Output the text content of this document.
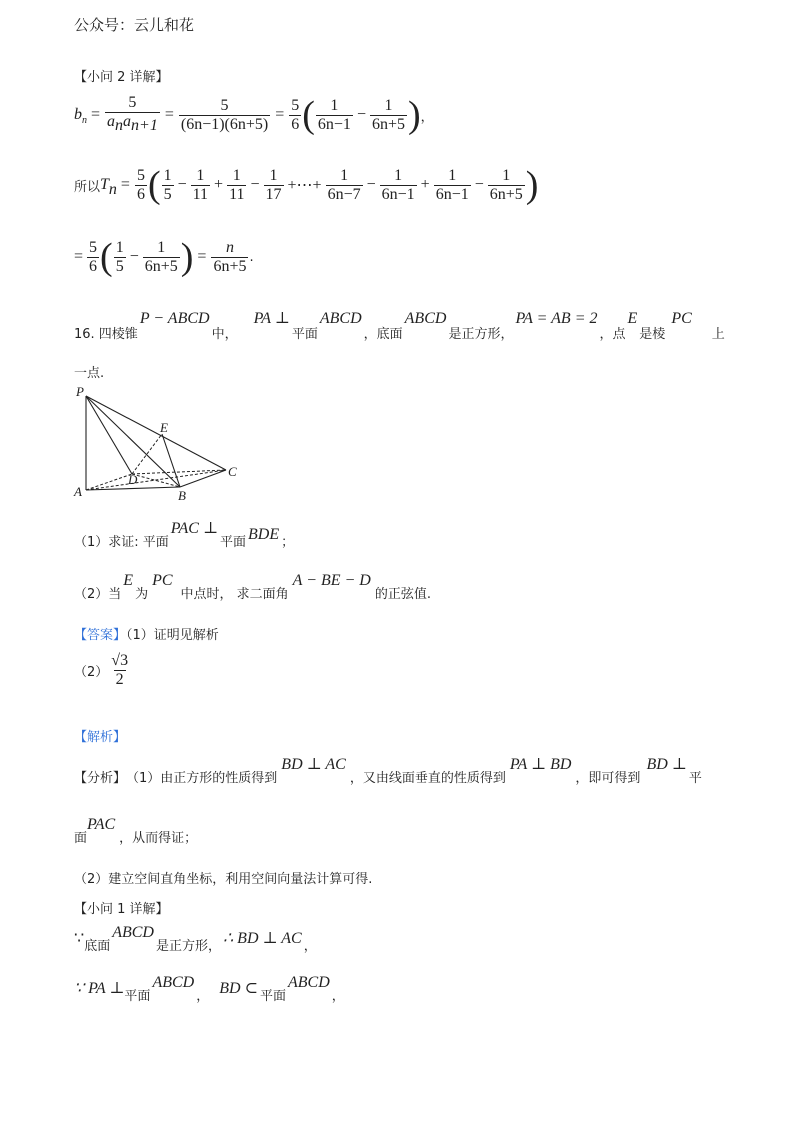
公众号：云儿和花
【小问 2 详解】
$b_n = \frac{5}{a_na_{n+1}} = \frac{5}{(6n-1)(6n+5)} = \frac{5}{6}$ ( $\frac{1}{6n-1} - \frac{1}{6n+5}$ ) ，
所以 T $n = \frac{5}{6}$ ( $\frac{1}{5} - \frac{1}{11} + \frac{1}{11} - \frac{1}{17}$ +⋯+ $\frac{1}{6n-7} - \frac{1}{6n-1} + \frac{1}{6n-1} - \frac{1}{6n+5}$ )
= $\frac{5}{6}$ ( $\frac{1}{5} - \frac{1}{6n+5}$ ) = $\frac{n}{6n+5}$ .
16. 四棱锥
P − ABCD
中，
PA ⊥
平面
ABCD
，底面
ABCD
是正方形，
PA = AB = 2
，点
E
是棱
PC
上
一点.
P
E
C
D
A	B
（1）求证: 平面
PAC ⊥
平面 BDE ；
（2）当
E
为
PC
中点时， 求二面角
A − BE − D
的正弦值.
【答案】（1）证明见解析
$(2) \frac{√3}{2}$
【解析】
【分析】 （1）由正方形的性质得到
BD ⊥ AC
，又由线面垂直的性质得到
PA ⊥ BD
，即可得到
BD ⊥
平
面
PAC
，从而得证；
（2）建立空间直角坐标，利用空间向量法计算可得.
【小问 1 详解】
∵ 底面
ABCD
是正方形， ∴ BD ⊥ AC ，
∵ PA ⊥ 平面
ABCD
， BD ⊂ 平面
ABCD
，
